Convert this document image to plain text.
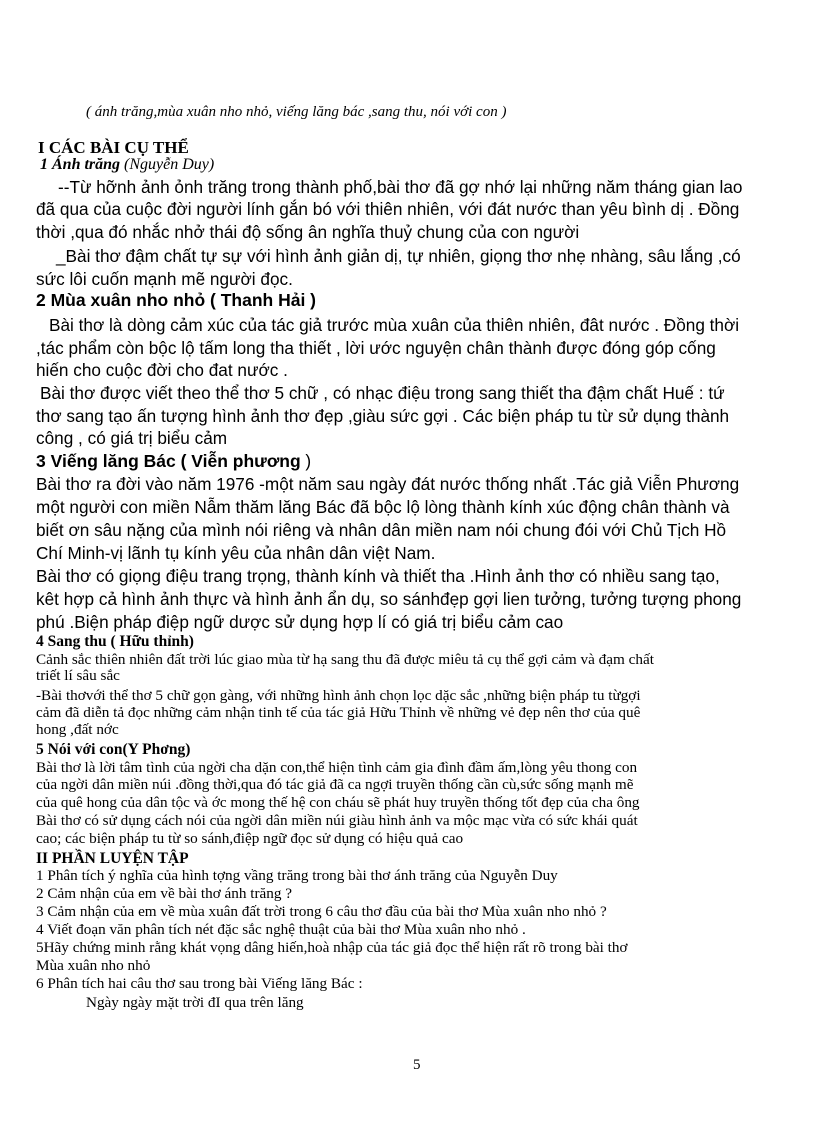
( ánh trăng,mùa xuân nho nhỏ, viếng lăng bác ,sang thu, nói với con )

I CÁC BÀI CỤ THỂ

1 Ánh trăng (Nguyễn Duy)

--Từ hỡnh ảnh ỏnh trăng trong thành phố,bài thơ đã gợ nhớ lại những năm tháng gian lao

đã qua của cuộc đời người lính gắn bó với thiên nhiên, với đát nước than yêu bình dị . Đồng

thời ,qua đó nhắc nhở thái độ sống ân nghĩa thuỷ chung của con người

_Bài thơ đậm chất tự sự với hình ảnh giản dị, tự nhiên, giọng thơ nhẹ nhàng, sâu lắng ,có

sức lôi cuốn mạnh mẽ người đọc.

2 Mùa xuân nho nhỏ ( Thanh Hải )

Bài thơ là dòng cảm xúc của tác giả trước mùa xuân của thiên nhiên, đât nước . Đồng thời

,tác phẩm còn bộc lộ tấm long tha thiết , lời ước nguyện chân thành được đóng góp cống

hiến cho cuộc đời cho đat nước .

Bài thơ được viết theo thể thơ 5 chữ , có nhạc điệu trong sang thiết tha đậm chất Huế : tứ

thơ sang tạo ấn tượng hình ảnh thơ đẹp ,giàu sức gợi . Các biện pháp tu từ sử dụng thành

công , có giá trị biểu cảm

3 Viếng lăng Bác ( Viễn phương )

Bài thơ ra đời vào năm 1976 -một năm sau ngày đát nước thống nhất .Tác giả Viễn Phương

một người con miền Nẫm thăm lăng Bác đã bộc lộ lòng thành kính xúc động chân thành và

biết ơn sâu nặng của mình nói riêng và nhân dân miền nam nói chung đói với Chủ Tịch Hồ

Chí Minh-vị lãnh tụ kính yêu của nhân dân việt Nam.

Bài thơ có giọng điệu trang trọng, thành kính và thiết tha .Hình ảnh thơ có nhiều sang tạo,

kêt hợp cả hình ảnh thực và hình ảnh ẩn dụ, so sánhđẹp gợi lien tưởng, tưởng tượng phong

phú .Biện pháp điệp ngữ dược sử dụng hợp lí có giá trị biểu cảm cao

4 Sang thu ( Hữu thỉnh)

Cảnh sắc thiên nhiên đất trời lúc giao mùa từ hạ sang thu đã được miêu tả cụ thể gợi cảm và đạm chất

triết lí sâu sắc

-Bài thơvới thể thơ 5 chữ gọn gàng, với những hình ảnh chọn lọc dặc sắc ,những biện pháp tu từgợi

cảm đã diễn tả đọc những cảm nhận tinh tế của tác giả Hữu Thỉnh về những vẻ đẹp nên thơ của quê

hong ,đất nớc

5 Nói với con(Y Phơng)

Bài thơ là lời tâm tình của ngời cha dặn con,thể hiện tình cảm gia đình đầm ấm,lòng yêu thong con

của ngời dân miền núi .đồng thời,qua đó tác giả đã ca ngợi truyền thống cần cù,sức sống mạnh mẽ

của quê hong của dân tộc và ớc mong thế hệ con cháu sẽ phát huy truyền thống tốt đẹp của cha ông

Bài thơ có sử dụng cách nói của ngời dân miền núi giàu hình ảnh va mộc mạc vừa có sức khái quát

cao; các biện pháp tu từ so sánh,điệp ngữ đọc sử dụng có hiệu quả cao

II PHẦN LUYỆN TẬP

1 Phân tích ý nghĩa của hình tợng vầng trăng trong bài thơ ánh trăng của Nguyễn Duy

2 Cảm nhận của em về bài thơ ánh trăng ?

3 Cảm nhận của em về mùa xuân đất trời trong 6 câu thơ đầu của bài thơ Mùa xuân nho nhỏ ?

4 Viết đoạn văn phân tích nét đặc sắc nghệ thuật của bài thơ Mùa xuân nho nhỏ .

5Hãy chứng minh rằng khát vọng dâng hiến,hoà nhập của tác giả đọc thể hiện rất rõ trong bài thơ

Mùa xuân nho nhỏ

6 Phân tích hai câu thơ sau trong bài Viếng lăng Bác :

Ngày ngày mặt trời đI qua trên lăng

5
